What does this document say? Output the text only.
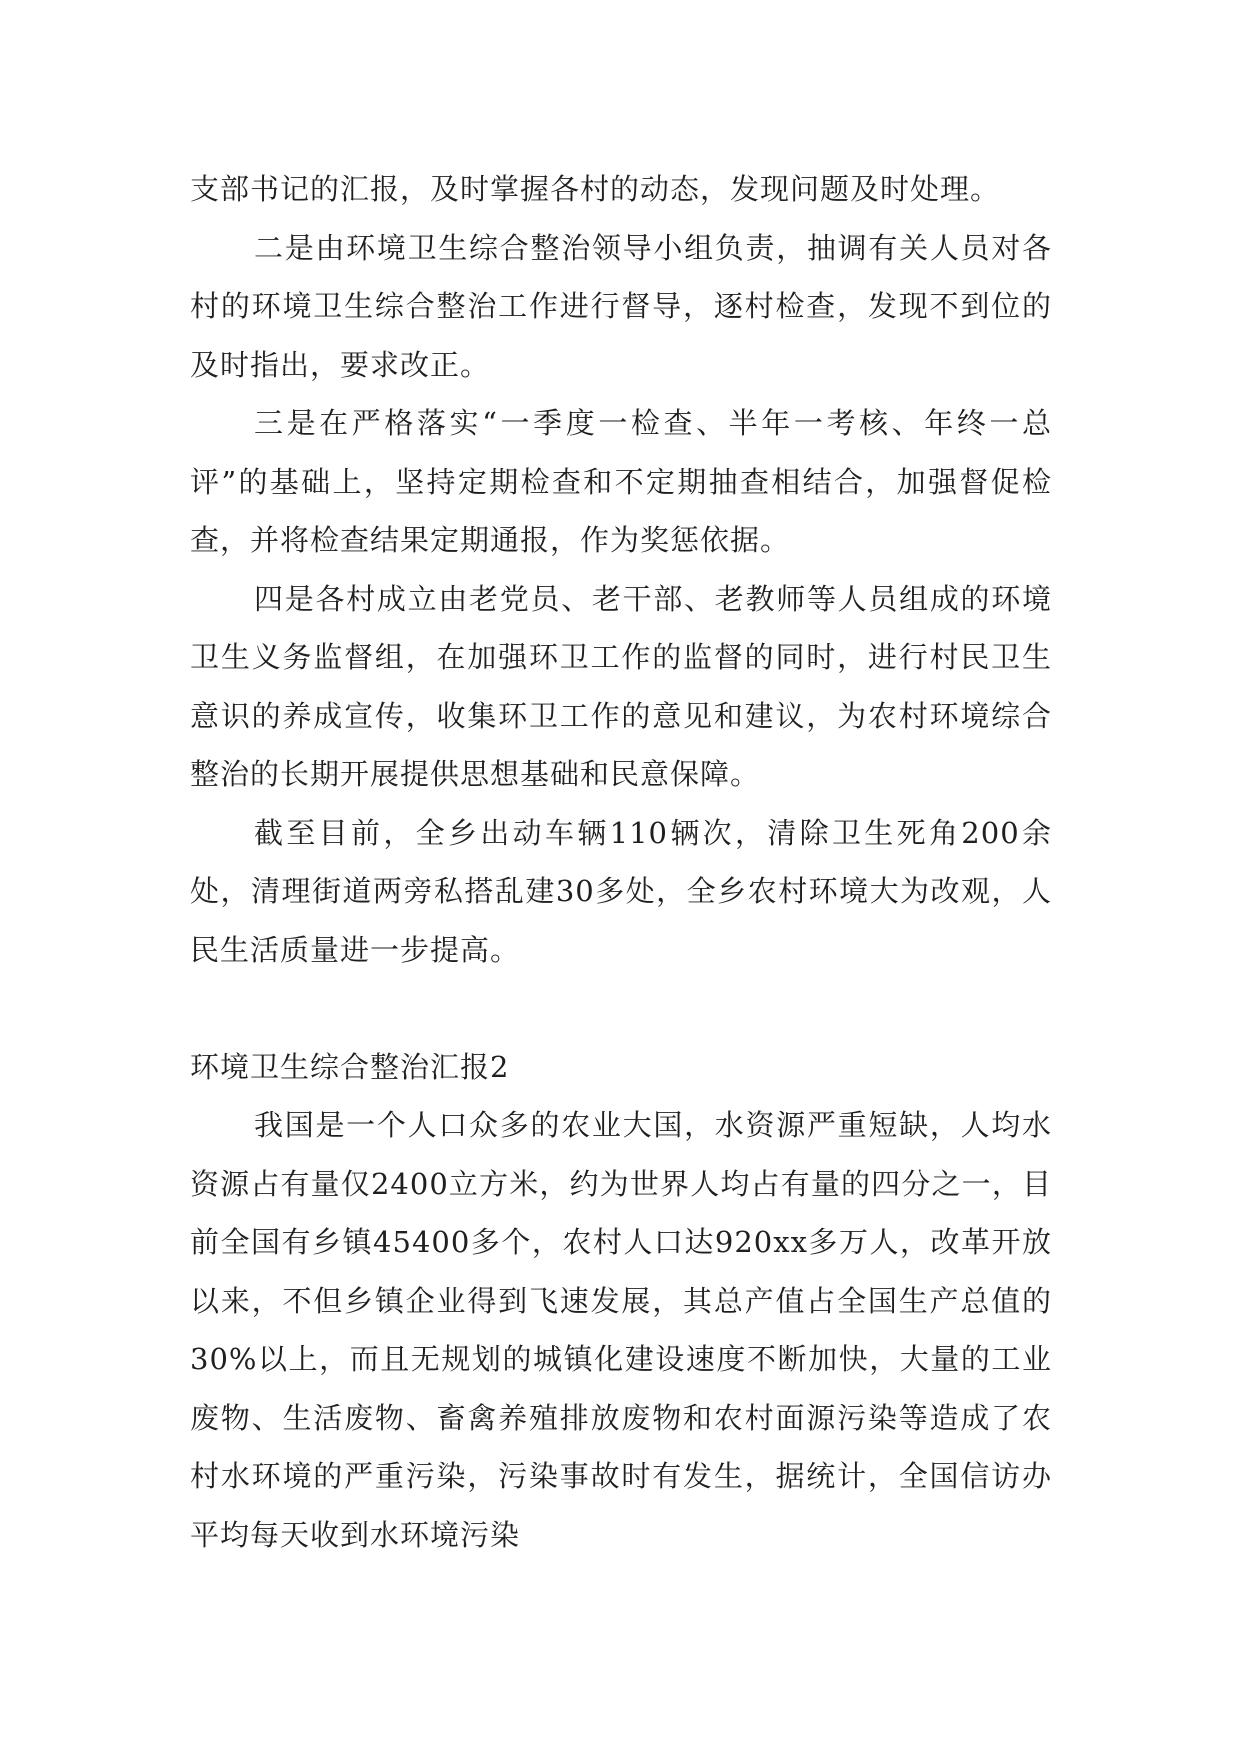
支部书记的汇报，及时掌握各村的动态，发现问题及时处理。

二是由环境卫生综合整治领导小组负责，抽调有关人员对各村的环境卫生综合整治工作进行督导，逐村检查，发现不到位的及时指出，要求改正。

三是在严格落实“一季度一检查、半年一考核、年终一总评”的基础上，坚持定期检查和不定期抽查相结合，加强督促检查，并将检查结果定期通报，作为奖惩依据。

四是各村成立由老党员、老干部、老教师等人员组成的环境卫生义务监督组，在加强环卫工作的监督的同时，进行村民卫生意识的养成宣传，收集环卫工作的意见和建议，为农村环境综合整治的长期开展提供思想基础和民意保障。

截至目前，全乡出动车辆110辆次，清除卫生死角200余处，清理街道两旁私搭乱建30多处，全乡农村环境大为改观，人民生活质量进一步提高。

环境卫生综合整治汇报2

我国是一个人口众多的农业大国，水资源严重短缺，人均水资源占有量仅2400立方米，约为世界人均占有量的四分之一，目前全国有乡镇45400多个，农村人口达920xx多万人，改革开放以来，不但乡镇企业得到飞速发展，其总产值占全国生产总值的30%以上，而且无规划的城镇化建设速度不断加快，大量的工业废物、生活废物、畜禽养殖排放废物和农村面源污染等造成了农村水环境的严重污染，污染事故时有发生，据统计，全国信访办平均每天收到水环境污染
